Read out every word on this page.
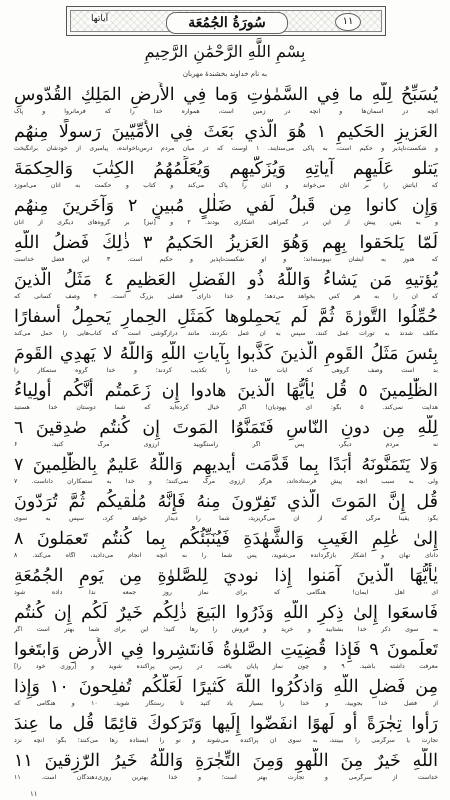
١١
سُورَةُ الجُمُعَة
آیاتها
بِسْمِ اللَّهِ الرَّحْمَٰنِ الرَّحِيمِ
به نام خداوند بخشندهٔ مهربان
يُسَبِّحُ لِلَّهِ ما فِي السَّمٰوٰتِ وَما فِي الأَرضِ المَلِكِ القُدّوسِ
آنچه در آسمان‌ها و آنچه در زمین است، همواره خدا را که فرمانروا و پاک
العَزيزِ الحَكيمِ ١ هُوَ الَّذي بَعَثَ فِي الأُمِّيّينَ رَسولًا مِنهُم
و شکست‌ناپذیر و حکیم است، به پاکی می‌ستایند. ۱ اوست که در میان مردم درس‌ناخوانده، پیامبری از خودشان برانگیخت
يَتلو عَلَيهِم آياتِهِ وَيُزَكّيهِم وَيُعَلِّمُهُمُ الكِتٰبَ وَالحِكمَةَ
که آیاتش را بر آنان می‌خواند و آنان را پاک می‌کند و کتاب و حکمت به آنان می‌آموزد
وَإِن كانوا مِن قَبلُ لَفي ضَلٰلٍ مُبينٍ ٢ وَآخَرينَ مِنهُم
و به یقین پیش از این در گمراهی آشکاری بودند. ۲ و [نیز] بر گروه‌های دیگری از آنان
لَمّا يَلحَقوا بِهِم وَهُوَ العَزيزُ الحَكيمُ ٣ ذٰلِكَ فَضلُ اللَّهِ
که هنوز به ایشان نپیوسته‌اند؛ و او شکست‌ناپذیر و حکیم است. ۳ این فضل خداست
يُؤتيهِ مَن يَشاءُ وَاللَّهُ ذُو الفَضلِ العَظيمِ ٤ مَثَلُ الَّذينَ
که آن را به هر کس بخواهد می‌دهد؛ و خدا دارای فضلی بزرگ است. ۴ وصف کسانی که
حُمِّلُوا التَّورٰةَ ثُمَّ لَم يَحمِلوها كَمَثَلِ الحِمارِ يَحمِلُ أَسفارًا
مکلف شدند به تورات عمل کنند، سپس به آن عمل نکردند، مانند درازگوشی است که کتاب‌هایی را حمل می‌کند
بِئسَ مَثَلُ القَومِ الَّذينَ كَذَّبوا بِآياتِ اللَّهِ وَاللَّهُ لا يَهدِي القَومَ
بد است وصف گروهی که آیات خدا را تکذیب کردند؛ و خدا گروه ستمکار را
الظّٰلِمينَ ٥ قُل يٰأَيُّهَا الَّذينَ هادوا إِن زَعَمتُم أَنَّكُم أَولِياءُ
هدایت نمی‌کند. ۵ بگو: ای یهودیان! اگر خیال کرده‌اید که شما دوستان خدا هستید
لِلَّهِ مِن دونِ النّاسِ فَتَمَنَّوُا المَوتَ إِن كُنتُم صٰدِقينَ ٦
نه مردم دیگر، پس اگر راستگویید آرزوی مرگ کنید. ۶
وَلا يَتَمَنَّونَهُ أَبَدًا بِما قَدَّمَت أَيديهِم وَاللَّهُ عَليمٌ بِالظّٰلِمينَ ٧
ولی به سبب آنچه پیش فرستاده‌اند، هرگز آرزوی مرگ نمی‌کنند؛ و خدا به ستمکاران داناست. ۷
قُل إِنَّ المَوتَ الَّذي تَفِرّونَ مِنهُ فَإِنَّهُ مُلٰقيكُم ثُمَّ تُرَدّونَ
بگو: یقیناً مرگی که از آن می‌گریزید، شما را دیدار خواهد کرد، سپس به سوی
إِلىٰ عٰلِمِ الغَيبِ وَالشَّهٰدَةِ فَيُنَبِّئُكُم بِما كُنتُم تَعمَلونَ ٨
دانای نهان و آشکار بازگردانده می‌شوید، پس شما را به آنچه انجام می‌دادید، آگاه می‌کند. ۸
يٰأَيُّهَا الَّذينَ آمَنوا إِذا نوديَ لِلصَّلوٰةِ مِن يَومِ الجُمُعَةِ
ای اهل ایمان! هنگامی که برای نماز روز جمعه ندا داده شود
فَاسعَوا إِلىٰ ذِكرِ اللَّهِ وَذَرُوا البَيعَ ذٰلِكُم خَيرٌ لَكُم إِن كُنتُم
به سوی ذکر خدا بشتابید و خرید و فروش را رها کنید؛ این برای شما بهتر است اگر
تَعلَمونَ ٩ فَإِذا قُضِيَتِ الصَّلوٰةُ فَانتَشِروا فِي الأَرضِ وَابتَغوا
معرفت داشته باشید. ۹ و چون نماز پایان یافت، در زمین پراکنده شوید و [روزی خود را]
مِن فَضلِ اللَّهِ وَاذكُرُوا اللَّهَ كَثيرًا لَعَلَّكُم تُفلِحونَ ١٠ وَإِذا
از فضل خدا بجویید، و خدا را بسیار یاد کنید تا رستگار شوید. ۱۰ و هنگامی که
رَأَوا تِجٰرَةً أَو لَهوًا انفَضّوا إِلَيها وَتَرَكوكَ قائِمًا قُل ما عِندَ
تجارت یا سرگرمی را ببینند، به سوی آن پراکنده می‌شوند و تو را ایستاده رها می‌کنند؛ بگو: آنچه نزد
اللَّهِ خَيرٌ مِنَ اللَّهوِ وَمِنَ التِّجٰرَةِ وَاللَّهُ خَيرُ الرّٰزِقينَ ١١
خداست از سرگرمی و تجارت بهتر است؛ و خدا بهترین روزی‌دهندگان است. ۱۱
١١
